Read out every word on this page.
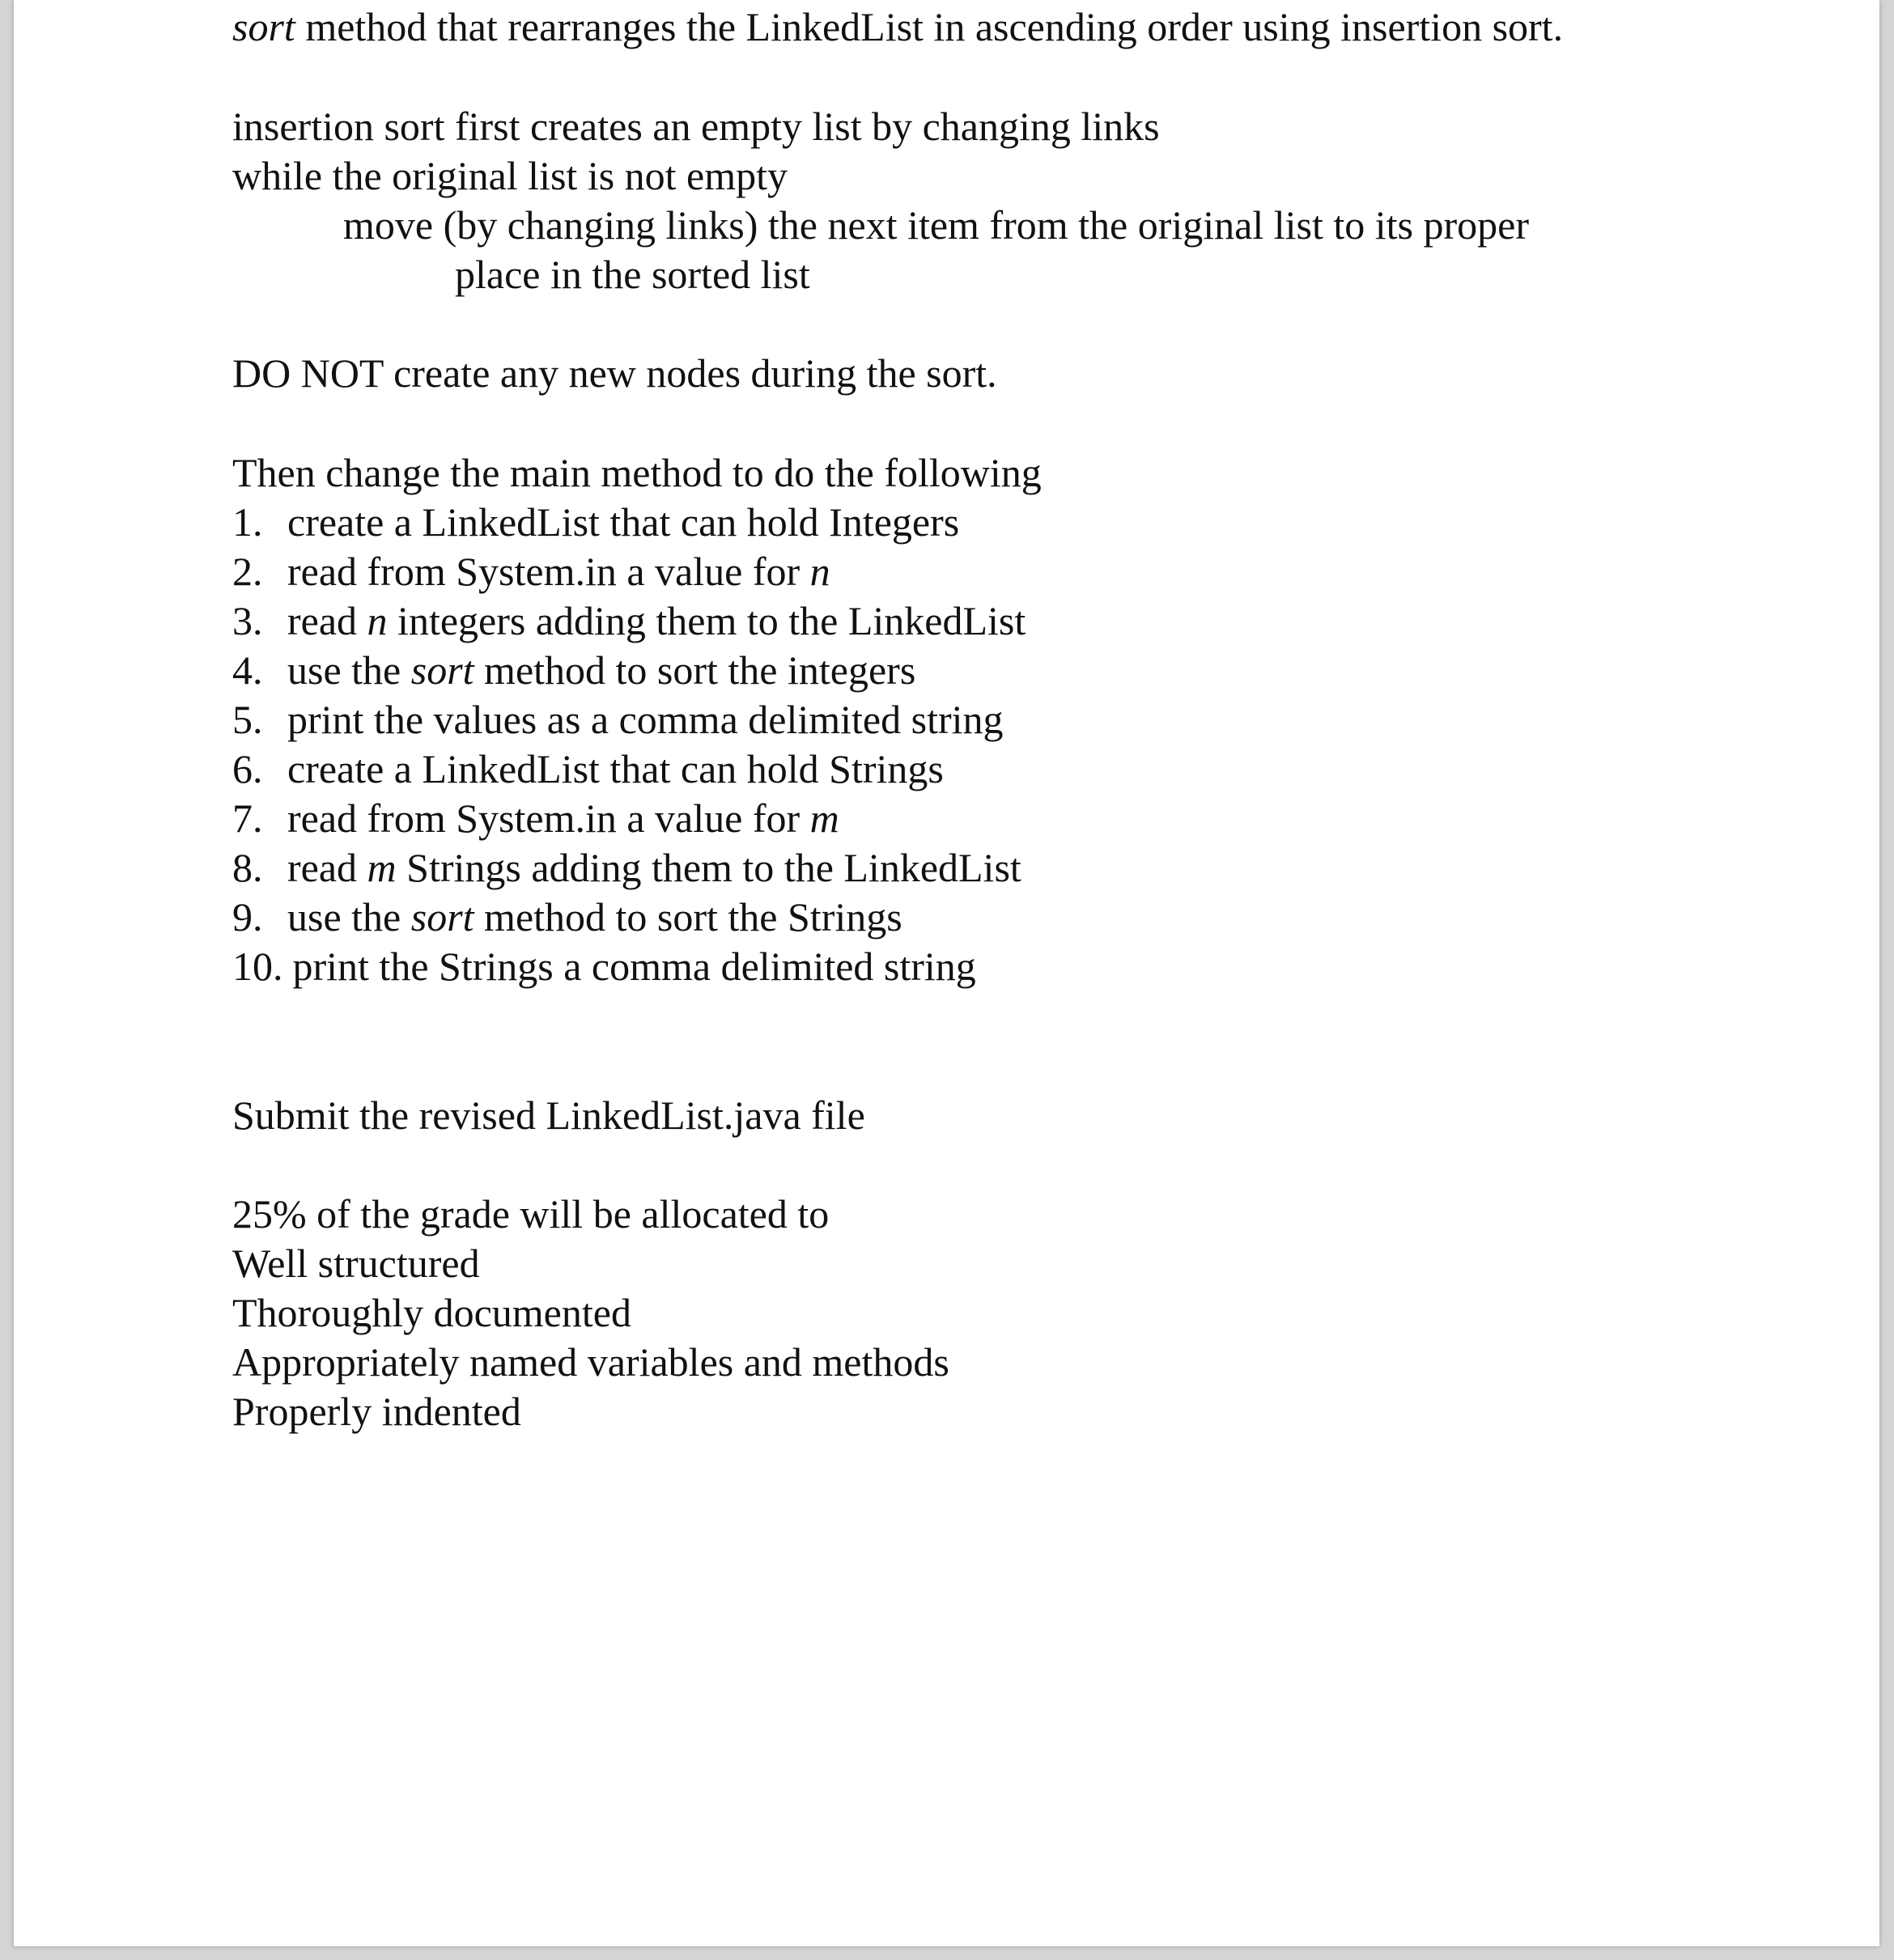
sort method that rearranges the LinkedList in ascending order using insertion sort.
insertion sort first creates an empty list by changing links
while the original list is not empty
move (by changing links) the next item from the original list to its proper
place in the sorted list
DO NOT create any new nodes during the sort.
Then change the main method to do the following
1. create a LinkedList that can hold Integers
2. read from System.in a value for n
3. read n integers adding them to the LinkedList
4. use the sort method to sort the integers
5. print the values as a comma delimited string
6. create a LinkedList that can hold Strings
7. read from System.in a value for m
8. read m Strings adding them to the LinkedList
9. use the sort method to sort the Strings
10. print the Strings a comma delimited string
Submit the revised LinkedList.java file
25% of the grade will be allocated to
Well structured
Thoroughly documented
Appropriately named variables and methods
Properly indented
